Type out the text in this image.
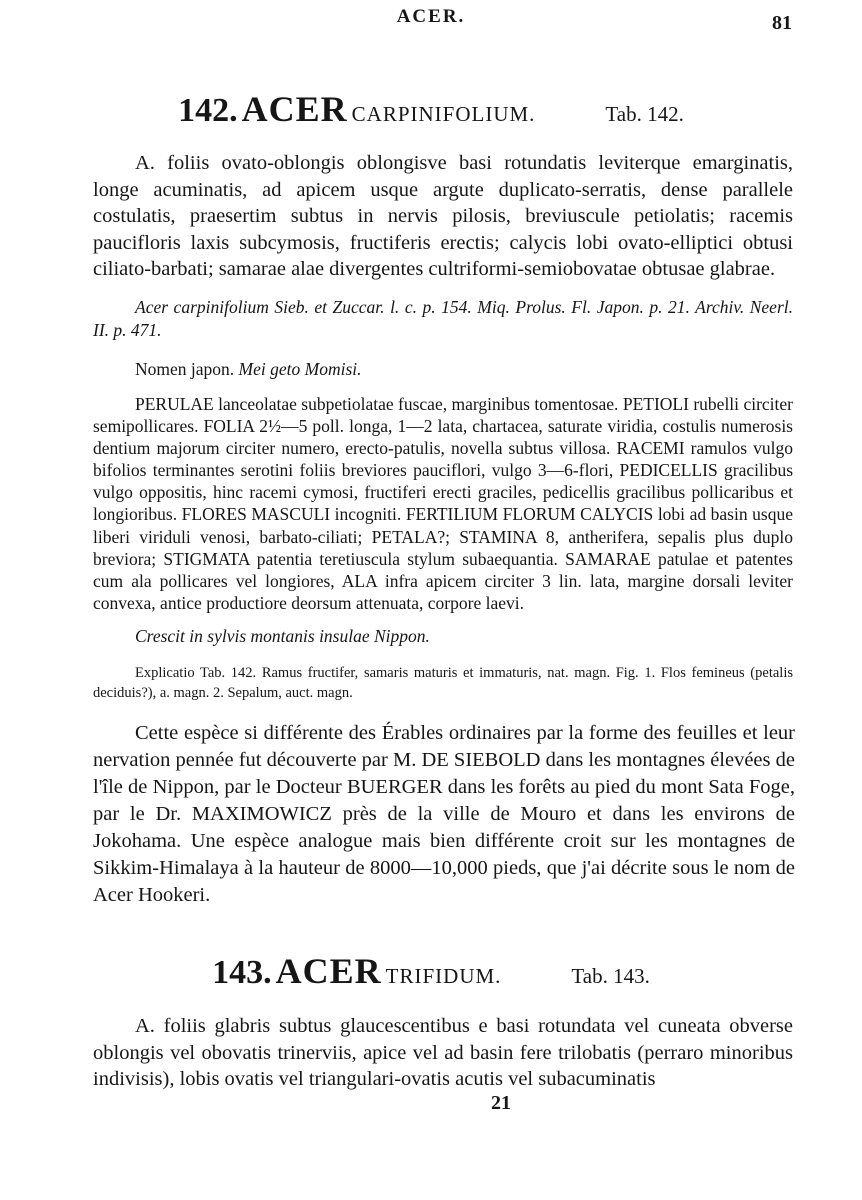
ACER.	81
142. ACER CARPINIFOLIUM.	Tab. 142.

A. foliis ovato-oblongis oblongisve basi rotundatis leviterque emarginatis, longe acuminatis, ad apicem usque argute duplicato-serratis, dense parallele costulatis, praesertim subtus in nervis pilosis, breviuscule petiolatis; racemis paucifloris laxis subcymosis, fructiferis erectis; calycis lobi ovato-elliptici obtusi ciliato-barbati; samarae alae divergentes cultriformi-semiobovatae obtusae glabrae.

Acer carpinifolium Sieb. et Zuccar. l. c. p. 154. Miq. Prolus. Fl. Japon. p. 21. Archiv. Neerl. II. p. 471.

Nomen japon. Mei geto Momisi.

PERULAE lanceolatae subpetiolatae fuscae, marginibus tomentosae. PETIOLI rubelli circiter semipollicares. FOLIA 2½—5 poll. longa, 1—2 lata, chartacea, saturate viridia, costulis numerosis dentium majorum circiter numero, erecto-patulis, novella subtus villosa. RACEMI ramulos vulgo bifolios terminantes serotini foliis breviores pauciflori, vulgo 3—6-flori, PEDICELLIS gracilibus vulgo oppositis, hinc racemi cymosi, fructiferi erecti graciles, pedicellis gracilibus pollicaribus et longioribus. FLORES MASCULI incogniti. FERTILIUM FLORUM CALYCIS lobi ad basin usque liberi viriduli venosi, barbato-ciliati; PETALA?; STAMINA 8, antherifera, sepalis plus duplo breviora; STIGMATA patentia teretiuscula stylum subaequantia. SAMARAE patulae et patentes cum ala pollicares vel longiores, ALA infra apicem circiter 3 lin. lata, margine dorsali leviter convexa, antice productiore deorsum attenuata, corpore laevi.

Crescit in sylvis montanis insulae Nippon.

Explicatio Tab. 142. Ramus fructifer, samaris maturis et immaturis, nat. magn. Fig. 1. Flos femineus (petalis deciduis?), a. magn. 2. Sepalum, auct. magn.

Cette espèce si différente des Érables ordinaires par la forme des feuilles et leur nervation pennée fut découverte par M. DE SIEBOLD dans les montagnes élevées de l'île de Nippon, par le Docteur BUERGER dans les forêts au pied du mont Sata Foge, par le Dr. MAXIMOWICZ près de la ville de Mouro et dans les environs de Jokohama. Une espèce analogue mais bien différente croit sur les montagnes de Sikkim-Himalaya à la hauteur de 8000—10,000 pieds, que j'ai décrite sous le nom de Acer Hookeri.

143. ACER TRIFIDUM.	Tab. 143.

A. foliis glabris subtus glaucescentibus e basi rotundata vel cuneata obverse oblongis vel obovatis trinerviis, apice vel ad basin fere trilobatis (perraro minoribus indivisis), lobis ovatis vel triangulari-ovatis acutis vel subacuminatis

21
